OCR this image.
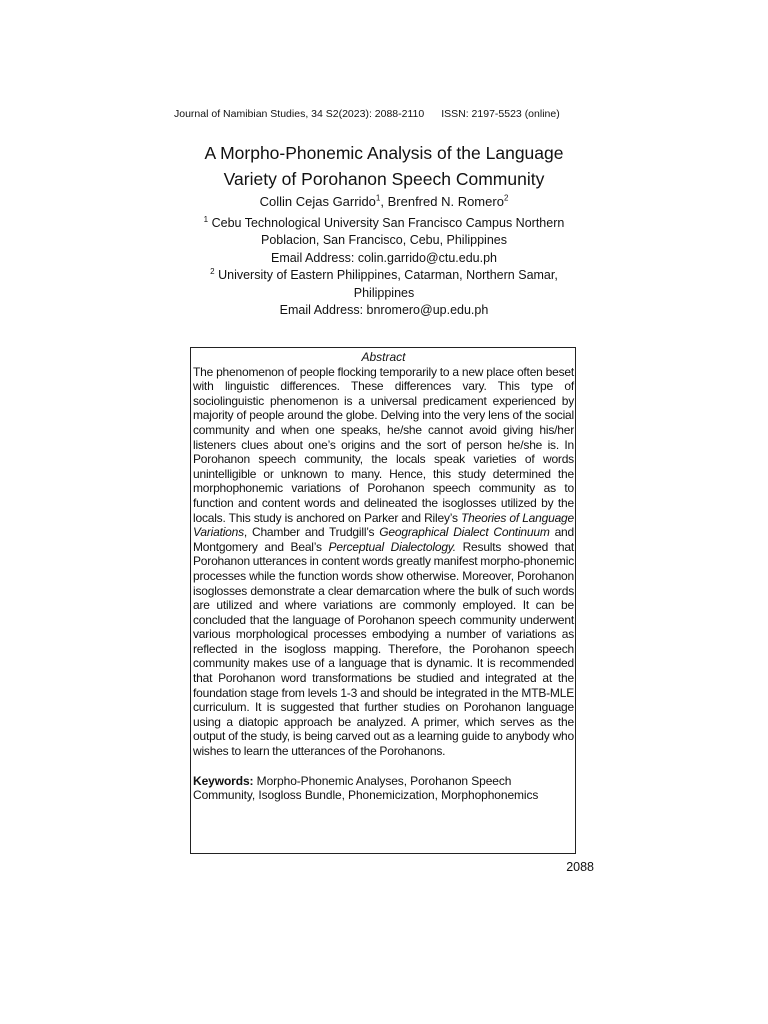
Journal of Namibian Studies, 34 S2(2023): 2088-2110 ISSN: 2197-5523 (online)
A Morpho-Phonemic Analysis of the Language
Variety of Porohanon Speech Community

Collin Cejas Garrido$^1$, Brenfred N. Romero$^2$

$^1$ Cebu Technological University San Francisco Campus Northern

Poblacion, San Francisco, Cebu, Philippines

Email Address: colin.garrido@ctu.edu.ph

$^2$ University of Eastern Philippines, Catarman, Northern Samar,

Philippines

Email Address: bnromero@up.edu.ph

Abstract

The phenomenon of people flocking temporarily to a new place often beset with linguistic differences. These differences vary. This type of sociolinguistic phenomenon is a universal predicament experienced by majority of people around the globe. Delving into the very lens of the social community and when one speaks, he/she cannot avoid giving his/her listeners clues about one’s origins and the sort of person he/she is. In Porohanon speech community, the locals speak varieties of words unintelligible or unknown to many. Hence, this study determined the morphophonemic variations of Porohanon speech community as to function and content words and delineated the isoglosses utilized by the locals. This study is anchored on Parker and Riley’s Theories of Language Variations, Chamber and Trudgill’s Geographical Dialect Continuum and Montgomery and Beal’s Perceptual Dialectology. Results showed that Porohanon utterances in content words greatly manifest morpho-phonemic processes while the function words show otherwise. Moreover, Porohanon isoglosses demonstrate a clear demarcation where the bulk of such words are utilized and where variations are commonly employed. It can be concluded that the language of Porohanon speech community underwent various morphological processes embodying a number of variations as reflected in the isogloss mapping. Therefore, the Porohanon speech community makes use of a language that is dynamic. It is recommended that Porohanon word transformations be studied and integrated at the foundation stage from levels 1-3 and should be integrated in the MTB-MLE curriculum. It is suggested that further studies on Porohanon language using a diatopic approach be analyzed. A primer, which serves as the output of the study, is being carved out as a learning guide to anybody who wishes to learn the utterances of the Porohanons.

Keywords: Morpho-Phonemic Analyses, Porohanon Speech Community, Isogloss Bundle, Phonemicization, Morphophonemics

2088
